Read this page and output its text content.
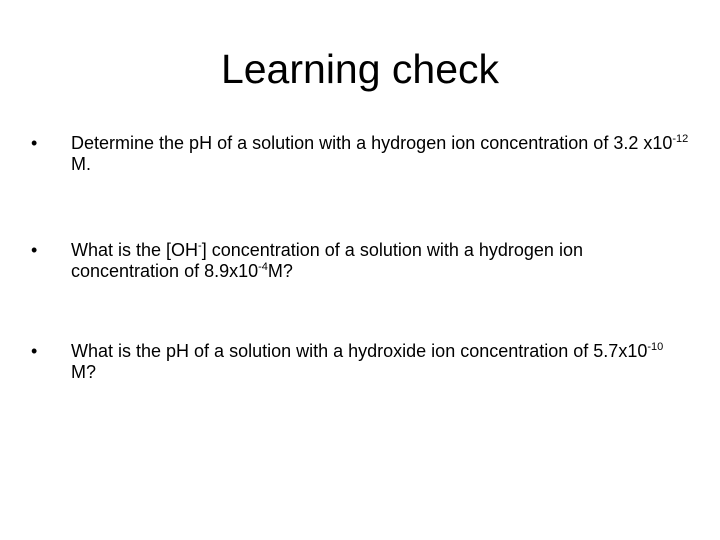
Learning check
• Determine the pH of a solution with a hydrogen ion concentration of 3.2 $x10^{-12}$ M.
• What is the [OH-] concentration of a solution with a hydrogen ion concentration of $8.9x10^{-4}M$?
• What is the pH of a solution with a hydroxide ion concentration of $5.7x10^{-10}$ M?
